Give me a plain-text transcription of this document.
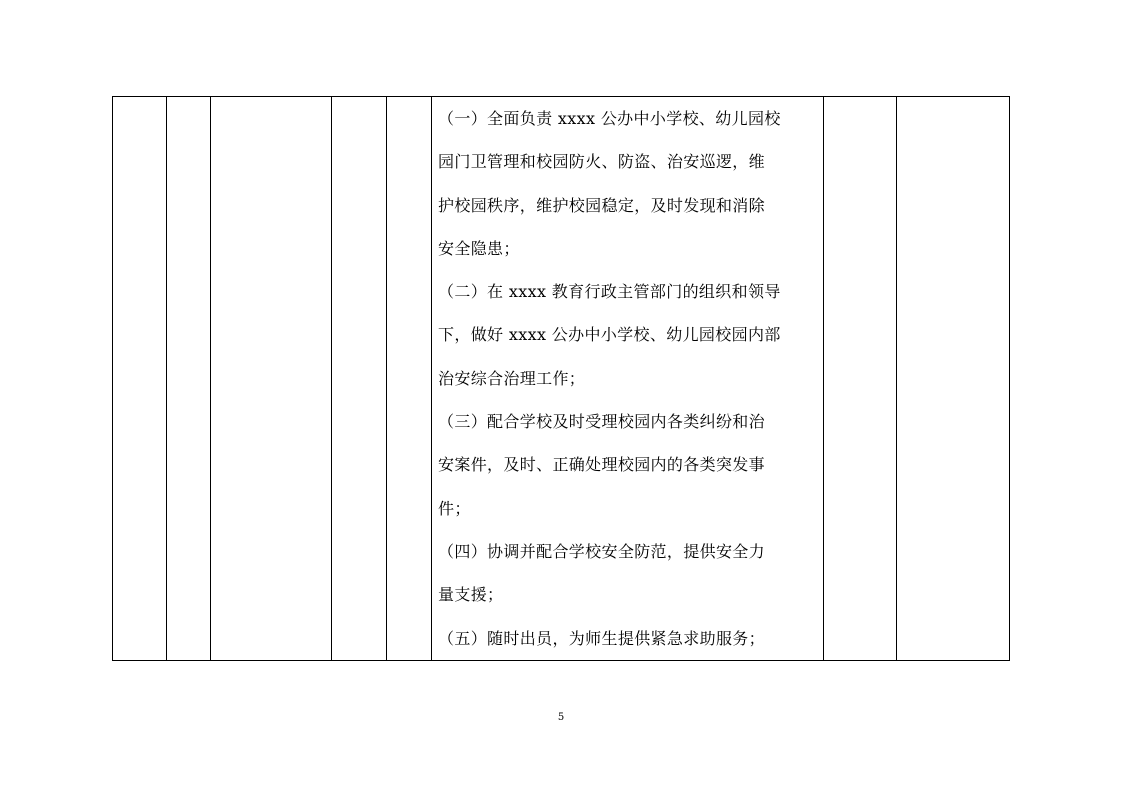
（一）全面负责 xxxx 公办中小学校、幼儿园校
园门卫管理和校园防火、防盗、治安巡逻，维
护校园秩序，维护校园稳定，及时发现和消除
安全隐患；
（二）在 xxxx 教育行政主管部门的组织和领导
下，做好 xxxx 公办中小学校、幼儿园校园内部
治安综合治理工作；
（三）配合学校及时受理校园内各类纠纷和治
安案件，及时、正确处理校园内的各类突发事
件；
（四）协调并配合学校安全防范，提供安全力
量支援；
（五）随时出员，为师生提供紧急求助服务；

5
